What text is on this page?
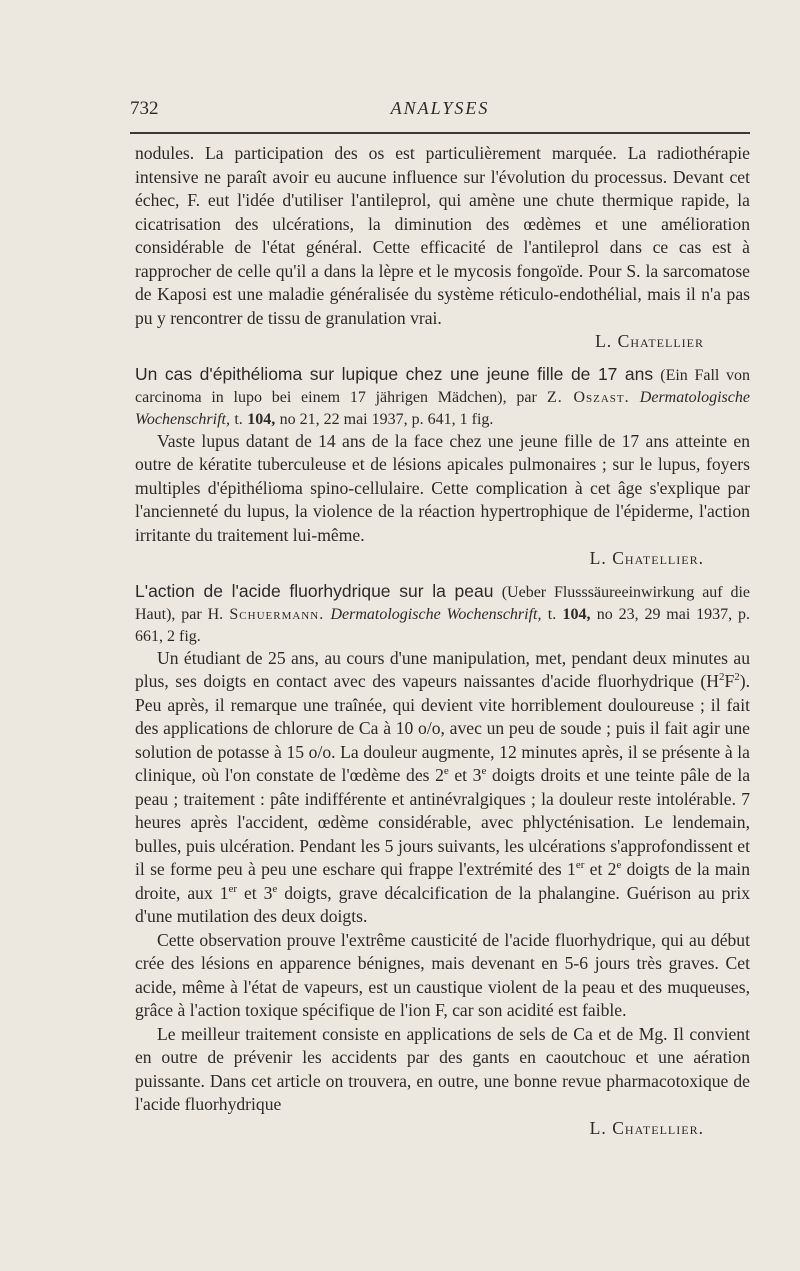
732	ANALYSES

nodules. La participation des os est particulièrement marquée. La radiothérapie intensive ne paraît avoir eu aucune influence sur l'évolution du processus. Devant cet échec, F. eut l'idée d'utiliser l'antileprol, qui amène une chute thermique rapide, la cicatrisation des ulcérations, la diminution des œdèmes et une amélioration considérable de l'état général. Cette efficacité de l'antileprol dans ce cas est à rapprocher de celle qu'il a dans la lèpre et le mycosis fongoïde. Pour S. la sarcomatose de Kaposi est une maladie généralisée du système réticulo-endothélial, mais il n'a pas pu y rencontrer de tissu de granulation vrai.

L. Chatellier

Un cas d'épithélioma sur lupique chez une jeune fille de 17 ans (Ein Fall von carcinoma in lupo bei einem 17 jährigen Mädchen), par Z. Oszast. Dermatologische Wochenschrift, t. 104, no 21, 22 mai 1937, p. 641, 1 fig.

Vaste lupus datant de 14 ans de la face chez une jeune fille de 17 ans atteinte en outre de kératite tuberculeuse et de lésions apicales pulmonaires ; sur le lupus, foyers multiples d'épithélioma spino-cellulaire. Cette complication à cet âge s'explique par l'ancienneté du lupus, la violence de la réaction hypertrophique de l'épiderme, l'action irritante du traitement lui-même.

L. Chatellier.

L'action de l'acide fluorhydrique sur la peau (Ueber Flusssäureeinwirkung auf die Haut), par H. Schuermann. Dermatologische Wochenschrift, t. 104, no 23, 29 mai 1937, p. 661, 2 fig.

Un étudiant de 25 ans, au cours d'une manipulation, met, pendant deux minutes au plus, ses doigts en contact avec des vapeurs naissantes d'acide fluorhydrique $(H^2F^2)$. Peu après, il remarque une traînée, qui devient vite horriblement douloureuse ; il fait des applications de chlorure de Ca à 10 o/o, avec un peu de soude ; puis il fait agir une solution de potasse à 15 o/o. La douleur augmente, 12 minutes après, il se présente à la clinique, où l'on constate de l'œdème des 2e et 3e doigts droits et une teinte pâle de la peau ; traitement : pâte indifférente et antinévralgiques ; la douleur reste intolérable. 7 heures après l'accident, œdème considérable, avec phlycténisation. Le lendemain, bulles, puis ulcération. Pendant les 5 jours suivants, les ulcérations s'approfondissent et il se forme peu à peu une eschare qui frappe l'extrémité des 1er et 2e doigts de la main droite, aux 1er et 3e doigts, grave décalcification de la phalangine. Guérison au prix d'une mutilation des deux doigts.

Cette observation prouve l'extrême causticité de l'acide fluorhydrique, qui au début crée des lésions en apparence bénignes, mais devenant en 5-6 jours très graves. Cet acide, même à l'état de vapeurs, est un caustique violent de la peau et des muqueuses, grâce à l'action toxique spécifique de l'ion F, car son acidité est faible.

Le meilleur traitement consiste en applications de sels de Ca et de Mg. Il convient en outre de prévenir les accidents par des gants en caoutchouc et une aération puissante. Dans cet article on trouvera, en outre, une bonne revue pharmacotoxique de l'acide fluorhydrique

L. Chatellier.
